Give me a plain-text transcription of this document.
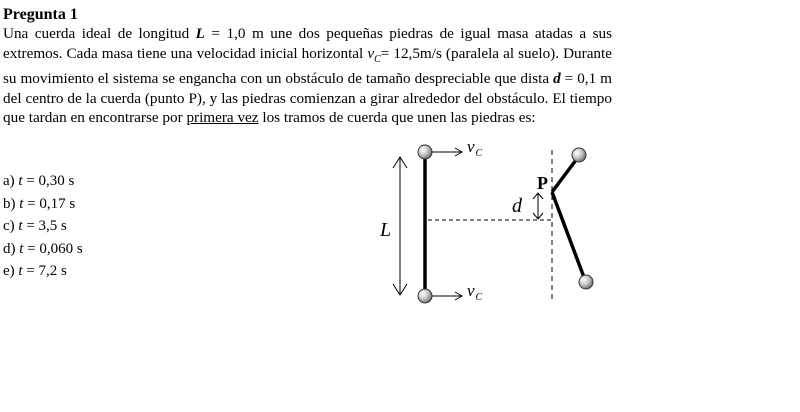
Pregunta 1

Una cuerda ideal de longitud L = 1,0 m une dos pequeñas piedras de igual masa atadas a sus extremos. Cada masa tiene una velocidad inicial horizontal $v_C= 12,5m/s$ (paralela al suelo). Durante su movimiento el sistema se engancha con un obstáculo de tamaño despreciable que dista d = 0,1 m del centro de la cuerda (punto P), y las piedras comienzan a girar alrededor del obstáculo. El tiempo que tardan en encontrarse por primera vez los tramos de cuerda que unen las piedras es:

a) t = 0,30 s
b) t = 0,17 s
c) t = 3,5 s
d) t = 0,060 s
e) t = 7,2 s
L
$v_C$
$v_C$
d
P
